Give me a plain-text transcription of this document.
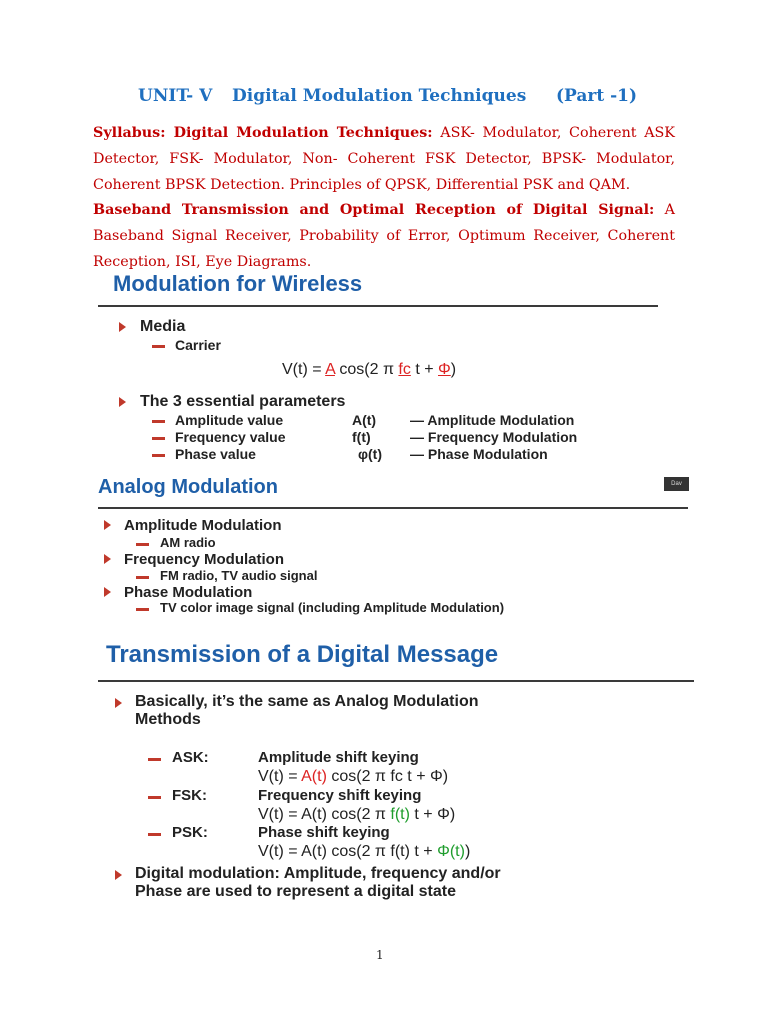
UNIT- V

Digital Modulation Techniques

(Part -1)

Syllabus: Digital Modulation Techniques: ASK- Modulator, Coherent ASK Detector, FSK- Modulator, Non- Coherent FSK Detector, BPSK- Modulator, Coherent BPSK Detection. Principles of QPSK, Differential PSK and QAM.

Baseband Transmission and Optimal Reception of Digital Signal: A Baseband Signal Receiver, Probability of Error, Optimum Receiver, Coherent Reception, ISI, Eye Diagrams.

Modulation for Wireless
Media
Carrier
V(t) = A cos(2 π fc t + Φ)
The 3 essential parameters
Amplitude value	A(t) — Amplitude Modulation
Frequency value	f(t)	— Frequency Modulation
Phase value	φ(t) — Phase Modulation
Analog Modulation	Dav
Amplitude Modulation
AM radio
Frequency Modulation
FM radio, TV audio signal
Phase Modulation
TV color image signal (including Amplitude Modulation)
Transmission of a Digital Message
Basically, it’s the same as Analog Modulation
Methods
ASK:	Amplitude shift keying
V(t) = A(t) cos(2 π fc t + Φ)
FSK:	Frequency shift keying
V(t) = A(t) cos(2 π f(t) t + Φ)
PSK:	Phase shift keying
V(t) = A(t) cos(2 π f(t) t + Φ(t))
Digital modulation: Amplitude, frequency and/or
Phase are used to represent a digital state
1
